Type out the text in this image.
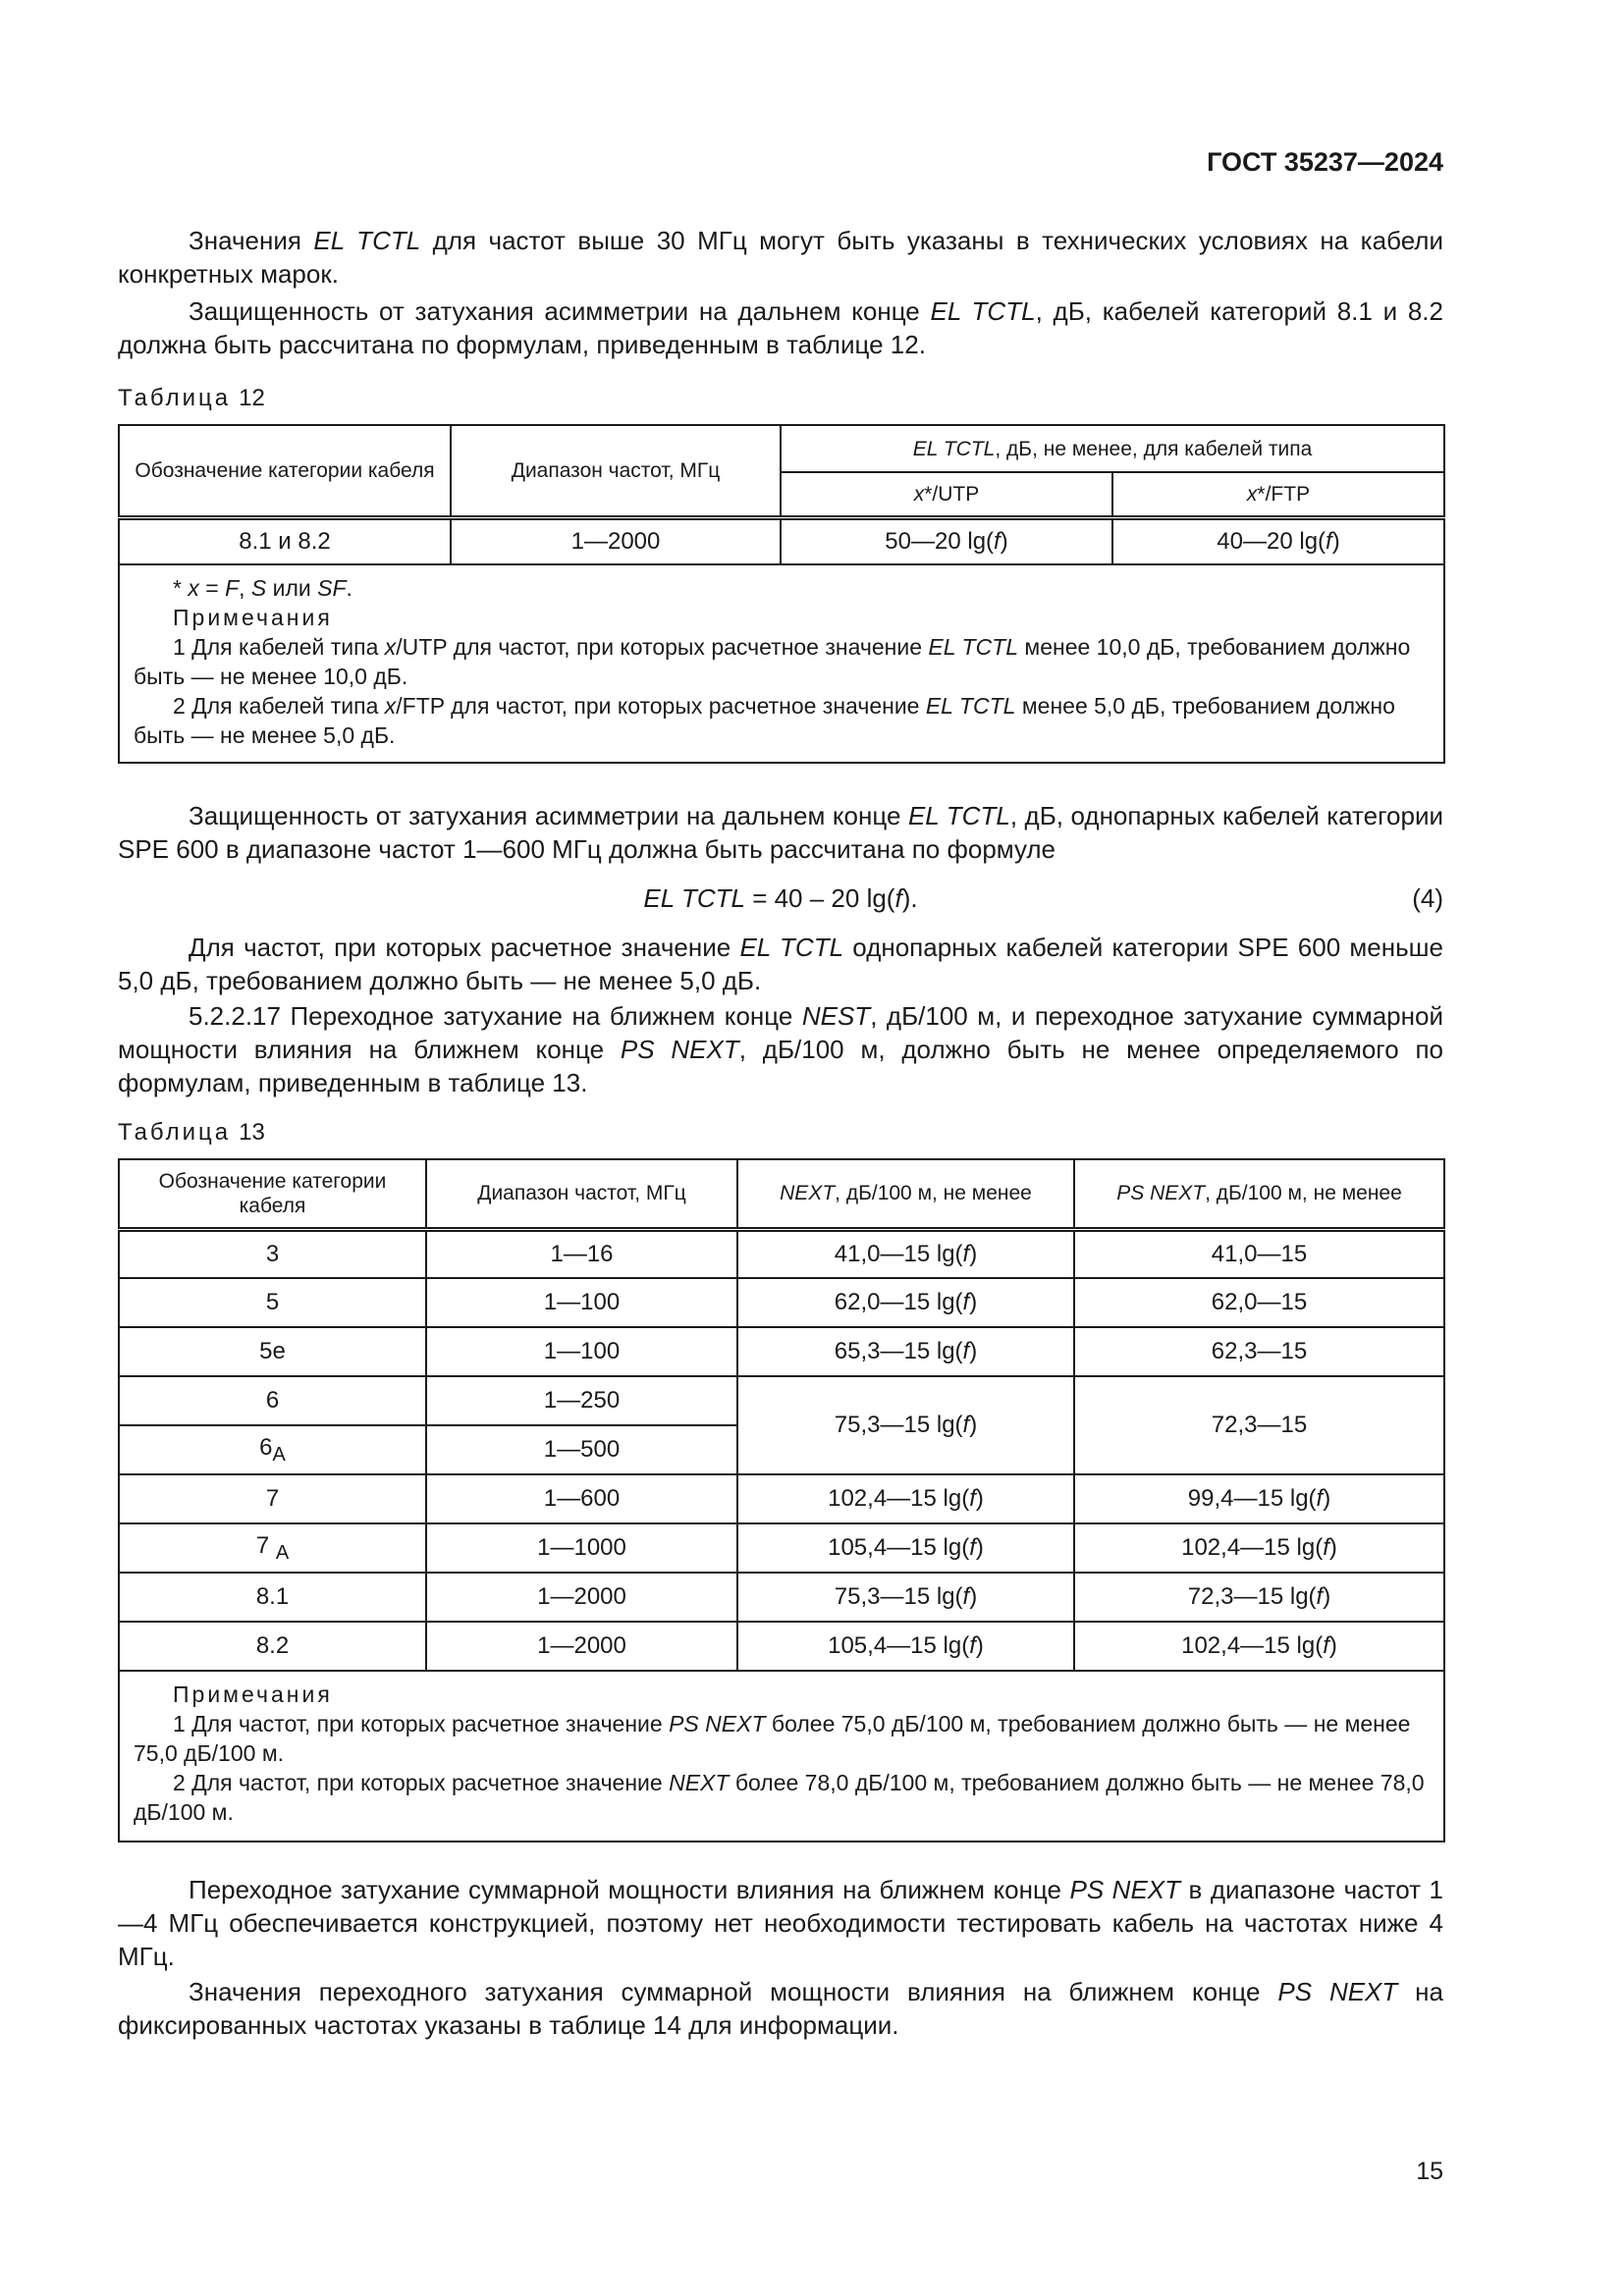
ГОСТ 35237—2024

Значения EL TCTL для частот выше 30 МГц могут быть указаны в технических условиях на кабели конкретных марок.

Защищенность от затухания асимметрии на дальнем конце EL TCTL, дБ, кабелей категорий 8.1 и 8.2 должна быть рассчитана по формулам, приведенным в таблице 12.

Таблица 12
Обозначение категории кабеля	Диапазон частот, МГц	EL TCTL, дБ, не менее, для кабелей типа	
		x*/UTP	x*/FTP
8.1 и 8.2	1—2000	50—20 lg(f)	40—20 lg(f)

* x = F, S или SF.
Примечания
1 Для кабелей типа x/UTP для частот, при которых расчетное значение EL TCTL менее 10,0 дБ, требованием должно быть — не менее 10,0 дБ.
2 Для кабелей типа x/FTP для частот, при которых расчетное значение EL TCTL менее 5,0 дБ, требованием должно быть — не менее 5,0 дБ.			

Защищенность от затухания асимметрии на дальнем конце EL TCTL, дБ, однопарных кабелей категории SPE 600 в диапазоне частот 1—600 МГц должна быть рассчитана по формуле

EL TCTL = 40 – 20 lg(f).	(4)

Для частот, при которых расчетное значение EL TCTL однопарных кабелей категории SPE 600 меньше 5,0 дБ, требованием должно быть — не менее 5,0 дБ.

5.2.2.17 Переходное затухание на ближнем конце NEST, дБ/100 м, и переходное затухание суммарной мощности влияния на ближнем конце PS NEXT, дБ/100 м, должно быть не менее определяемого по формулам, приведенным в таблице 13.

Таблица 13
Обозначение категории кабеля	Диапазон частот, МГц	NEXT, дБ/100 м, не менее	PS NEXT, дБ/100 м, не менее
3	1—16	41,0—15 lg(f)	41,0—15
5	1—100	62,0—15 lg(f)	62,0—15
5e	1—100	65,3—15 lg(f)	62,3—15
6	1—250	75,3—15 lg(f)	72,3—15
$6_A$	1—500		
7	1—600	102,4—15 lg(f)	99,4—15 lg(f)
7 $_A$	1—1000	105,4—15 lg(f)	102,4—15 lg(f)
8.1	1—2000	75,3—15 lg(f)	72,3—15 lg(f)
8.2	1—2000	105,4—15 lg(f)	102,4—15 lg(f)

Примечания
1 Для частот, при которых расчетное значение PS NEXT более 75,0 дБ/100 м, требованием должно быть — не менее 75,0 дБ/100 м.
2 Для частот, при которых расчетное значение NEXT более 78,0 дБ/100 м, требованием должно быть — не менее 78,0 дБ/100 м.			

Переходное затухание суммарной мощности влияния на ближнем конце PS NEXT в диапазоне частот 1—4 МГц обеспечивается конструкцией, поэтому нет необходимости тестировать кабель на частотах ниже 4 МГц.

Значения переходного затухания суммарной мощности влияния на ближнем конце PS NEXT на фиксированных частотах указаны в таблице 14 для информации.

15
